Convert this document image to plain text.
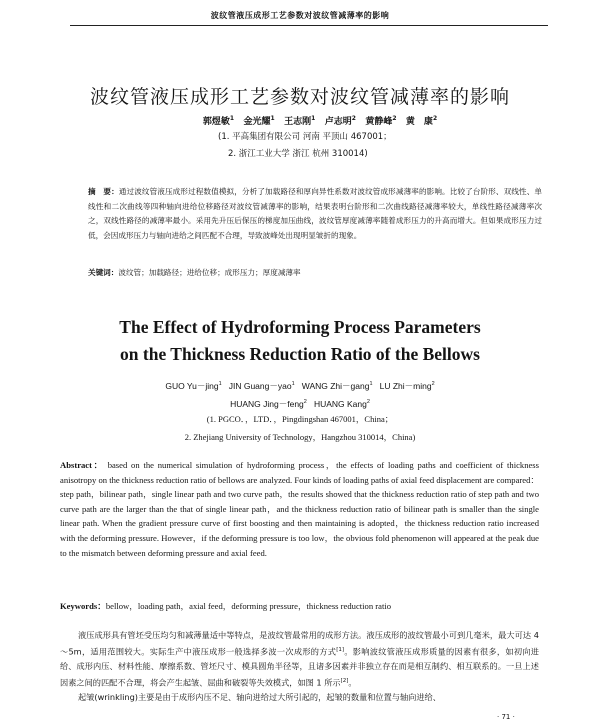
波纹管液压成形工艺参数对波纹管减薄率的影响
波纹管液压成形工艺参数对波纹管减薄率的影响
郭煜敏$^1$ 金光耀$^1$ 王志刚$^1$ 卢志明$^2$ 黄静峰$^2$ 黄　康$^2$
(1. 平高集团有限公司 河南 平顶山 467001；
2. 浙江工业大学 浙江 杭州 310014)
摘　要：通过波纹管液压成形过程数值模拟，分析了加载路径和厚向异性系数对波纹管成形减薄率的影响。比较了台阶形、双线性、单线性和二次曲线等四种轴向进给位移路径对波纹管减薄率的影响，结果表明台阶形和二次曲线路径减薄率较大，单线性路径减薄率次之，双线性路径的减薄率最小。采用先升压后保压的梯度加压曲线，波纹管厚度减薄率随着成形压力的升高而增大。但如果成形压力过低，会因成形压力与轴向进给之间匹配不合理，导致波峰处出现明显皱折的现象。
关键词：波纹管；加载路径；进给位移；成形压力；厚度减薄率
The Effect of Hydroforming Process Parameters
on the Thickness Reduction Ratio of the Bellows
GUO Yu－jing$^1$ JIN Guang－yao$^1$ WANG Zhi－gang$^1$ LU Zhi－ming$^2$
HUANG Jing－feng$^2$ HUANG Kang$^2$
(1. PGCO．，LTD．，Pingdingshan 467001，China；
2. Zhejiang University of Technology，Hangzhou 310014，China)
Abstract： based on the numerical simulation of hydroforming process，the effects of loading paths and coefficient of thickness anisotropy on the thickness reduction ratio of bellows are analyzed. Four kinds of loading paths of axial feed displacement are compared：step path，bilinear path，single linear path and two curve path，the results showed that the thickness reduction ratio of step path and two curve path are the larger than the that of single linear path，and the thickness reduction ratio of bilinear path is smaller than the single linear path. When the gradient pressure curve of first boosting and then maintaining is adopted，the thickness reduction ratio increased with the deforming pressure. However，if the deforming pressure is too low，the obvious fold phenomenon will appeared at the peak due to the mismatch between deforming pressure and axial feed.
Keywords：bellow，loading path，axial feed，deforming pressure，thickness reduction ratio

液压成形具有管坯受压均匀和减薄量适中等特点，是波纹管最常用的成形方法。液压成形的波纹管最小可到几毫米，最大可达 4～5m，适用范围较大。实际生产中液压成形一般选择多波一次成形的方式[1]。影响波纹管液压成形质量的因素有很多，如初向进给、成形内压、材料性能、摩擦系数、管坯尺寸、模具圆角半径等，且诸多因素并非独立存在而是相互制约、相互联系的。一旦上述因素之间的匹配不合理，将会产生起皱、屈曲和破裂等失效模式，如图 1 所示[2]。

起皱(wrinkling)主要是由于成形内压不足、轴向进给过大所引起的，起皱的数量和位置与轴向进给、

· 71 ·
